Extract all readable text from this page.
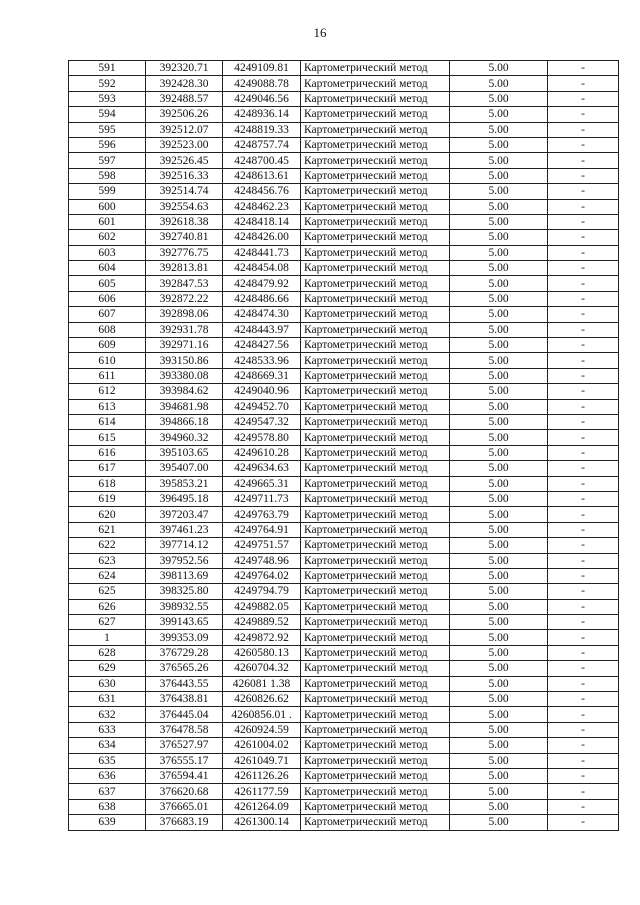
16
591	392320.71	4249109.81	Картометрический метод	5.00	-
592	392428.30	4249088.78	Картометрический метод	5.00	-
593	392488.57	4249046.56	Картометрический метод	5.00	-
594	392506.26	4248936.14	Картометрический метод	5.00	-
595	392512.07	4248819.33	Картометрический метод	5.00	-
596	392523.00	4248757.74	Картометрический метод	5.00	-
597	392526.45	4248700.45	Картометрический метод	5.00	-
598	392516.33	4248613.61	Картометрический метод	5.00	-
599	392514.74	4248456.76	Картометрический метод	5.00	-
600	392554.63	4248462.23	Картометрический метод	5.00	-
601	392618.38	4248418.14	Картометрический метод	5.00	-
602	392740.81	4248426.00	Картометрический метод	5.00	-
603	392776.75	4248441.73	Картометрический метод	5.00	-
604	392813.81	4248454.08	Картометрический метод	5.00	-
605	392847.53	4248479.92	Картометрический метод	5.00	-
606	392872.22	4248486.66	Картометрический метод	5.00	-
607	392898.06	4248474.30	Картометрический метод	5.00	-
608	392931.78	4248443.97	Картометрический метод	5.00	-
609	392971.16	4248427.56	Картометрический метод	5.00	-
610	393150.86	4248533.96	Картометрический метод	5.00	-
611	393380.08	4248669.31	Картометрический метод	5.00	-
612	393984.62	4249040.96	Картометрический метод	5.00	-
613	394681.98	4249452.70	Картометрический метод	5.00	-
614	394866.18	4249547.32	Картометрический метод	5.00	-
615	394960.32	4249578.80	Картометрический метод	5.00	-
616	395103.65	4249610.28	Картометрический метод	5.00	-
617	395407.00	4249634.63	Картометрический метод	5.00	-
618	395853.21	4249665.31	Картометрический метод	5.00	-
619	396495.18	4249711.73	Картометрический метод	5.00	-
620	397203.47	4249763.79	Картометрический метод	5.00	-
621	397461.23	4249764.91	Картометрический метод	5.00	-
622	397714.12	4249751.57	Картометрический метод	5.00	-
623	397952.56	4249748.96	Картометрический метод	5.00	-
624	398113.69	4249764.02	Картометрический метод	5.00	-
625	398325.80	4249794.79	Картометрический метод	5.00	-
626	398932.55	4249882.05	Картометрический метод	5.00	-
627	399143.65	4249889.52	Картометрический метод	5.00	-
1	399353.09	4249872.92	Картометрический метод	5.00	-
628	376729.28	4260580.13	Картометрический метод	5.00	-
629	376565.26	4260704.32	Картометрический метод	5.00	-
630	376443.55	426081 1.38	Картометрический метод	5.00	-
631	376438.81	4260826.62	Картометрический метод	5.00	-
632	376445.04	4260856.01 .	Картометрический метод	5.00	-
633	376478.58	4260924.59	Картометрический метод	5.00	-
634	376527.97	4261004.02	Картометрический метод	5.00	-
635	376555.17	4261049.71	Картометрический метод	5.00	-
636	376594.41	4261126.26	Картометрический метод	5.00	-
637	376620.68	4261177.59	Картометрический метод	5.00	-
638	376665.01	4261264.09	Картометрический метод	5.00	-
639	376683.19	4261300.14	Картометрический метод	5.00	-
